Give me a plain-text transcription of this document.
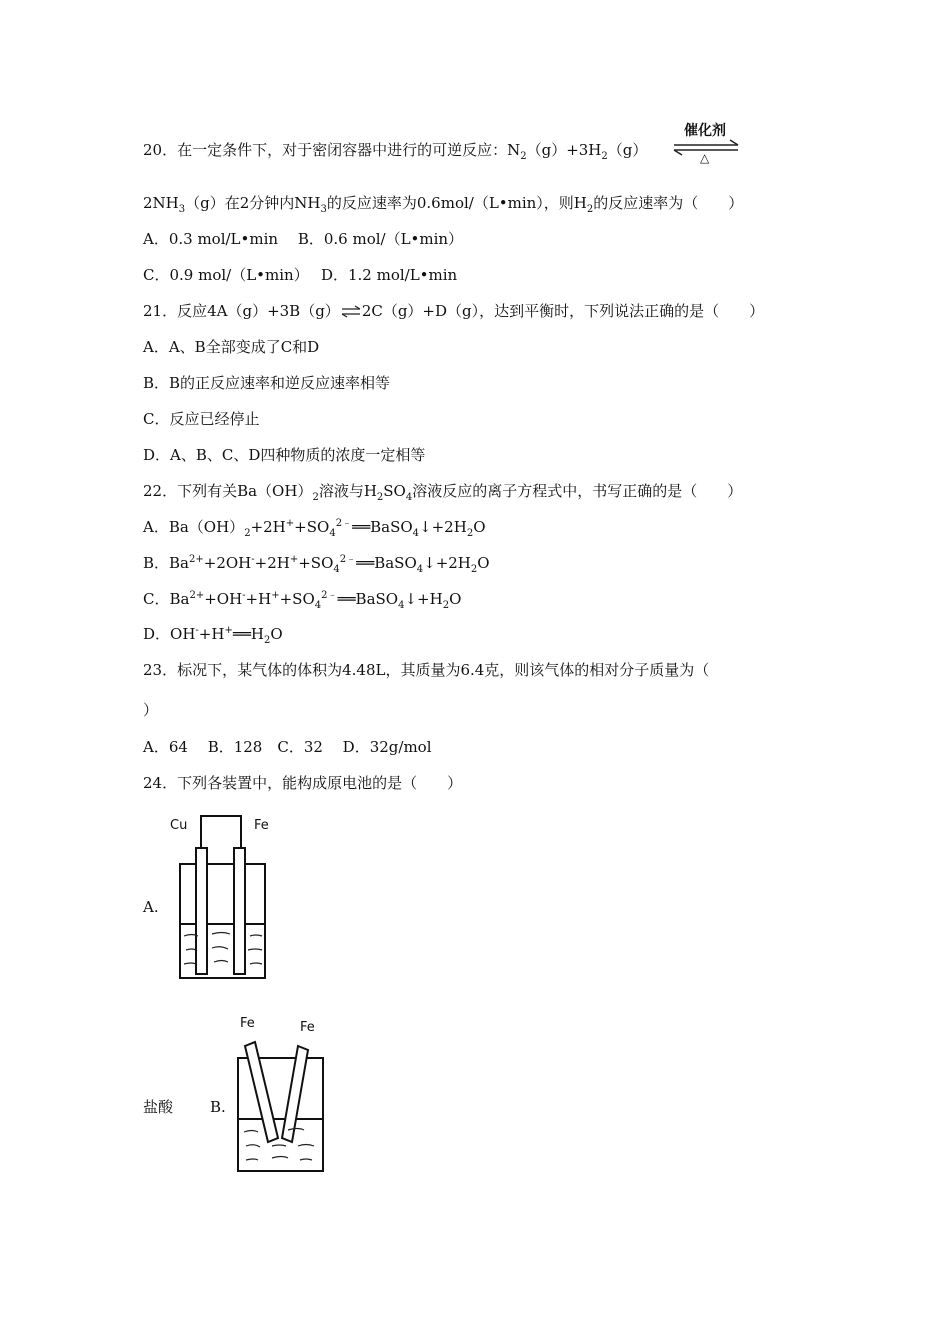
20．在一定条件下，对于密闭容器中进行的可逆反应：$N_2(g)+3H_2(g)$
催化剂
△
$2NH_3(g)$在2分钟内$NH_3$的反应速率为0.6mol/（L•min），则$H_2$的反应速率为（　　）
A．0.3 mol/L•min　 B．0.6 mol/（L•min）
C．0.9 mol/（L•min）　 D．1.2 mol/L•min
21．反应4A（g）+3B（g）⇌2C（g）+D（g），达到平衡时，下列说法正确的是（　　）
A．A、B全部变成了C和D
B．B的正反应速率和逆反应速率相等
C．反应已经停止
D．A、B、C、D四种物质的浓度一定相等
22．下列有关$Ba(OH)_2$溶液与$H_2SO_4$溶液反应的离子方程式中，书写正确的是（　　）
A．$Ba(OH)_2+2H^++SO_4^{2﹣}══BaSO_4↓+2H_2O$
B．$Ba^{2+}+2OH^-+2H^++SO_4^{2﹣}══BaSO_4↓+2H_2O$
C．$Ba^{2+}+OH^-+H^++SO_4^{2﹣}══BaSO_4↓+H_2O$
D．$OH^-+H^+══H_2O$
23．标况下，某气体的体积为4.48L，其质量为6.4克，则该气体的相对分子质量为（
）
A．64　 B．128　C．32　 D．32g/mol
24．下列各装置中，能构成原电池的是（　　）
A.
Cu	Fe
盐酸 B.
Fe	Fe
